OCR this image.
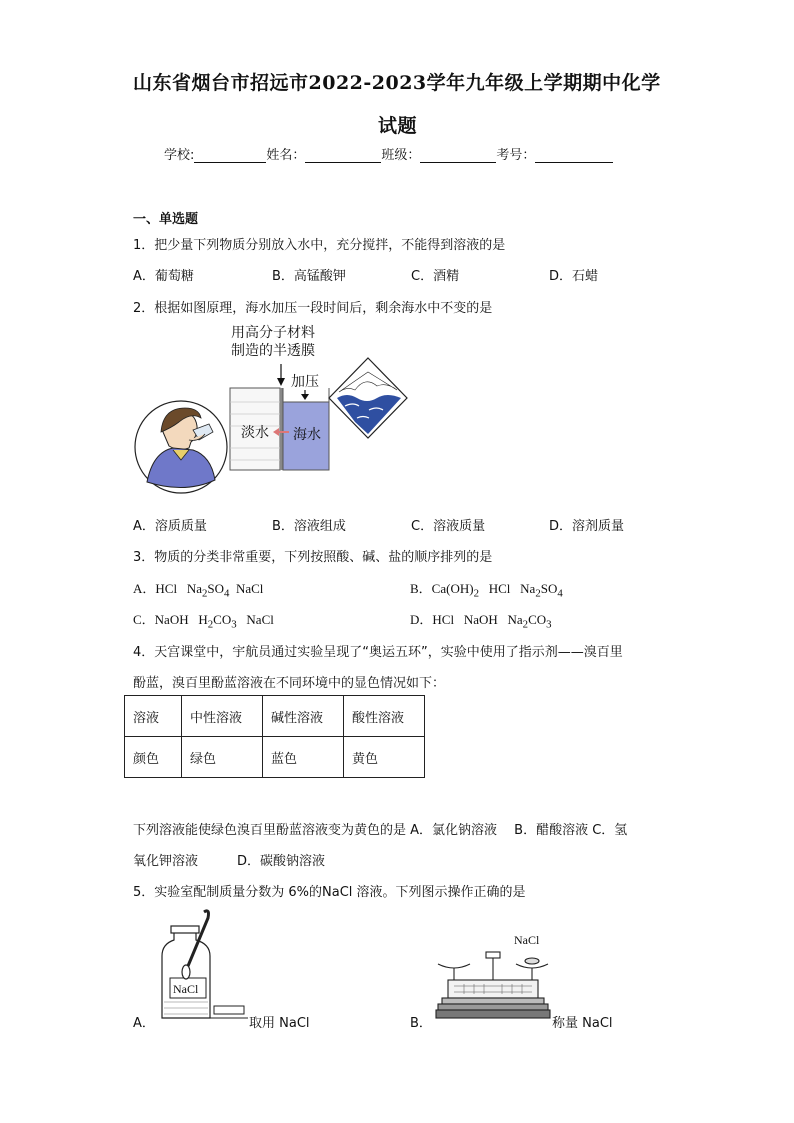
山东省烟台市招远市2022-2023学年九年级上学期期中化学
试题
学校:	姓名：	班级：	考号：
一、单选题
1．把少量下列物质分别放入水中，充分搅拌，不能得到溶液的是
A．葡萄糖	B．高锰酸钾	C．酒精	D．石蜡
2．根据如图原理，海水加压一段时间后，剩余海水中不变的是
用高分子材料
制造的半透膜
加压
淡水 海水
A．溶质质量	B．溶液组成	C．溶液质量	D．溶剂质量
3．物质的分类非常重要，下列按照酸、碱、盐的顺序排列的是
A．HCl $Na_2SO_4$ NaCl	B．$Ca(OH)_2$ HCl $Na_2SO_4$
C．NaOH $H_2CO_3$ NaCl	D．HCl NaOH $Na_2CO_3$
4．天宫课堂中，宇航员通过实验呈现了“奥运五环”，实验中使用了指示剂——溴百里
酚蓝，溴百里酚蓝溶液在不同环境中的显色情况如下：
溶液	中性溶液	碱性溶液	酸性溶液
颜色	绿色	蓝色	黄色
下列溶液能使绿色溴百里酚蓝溶液变为黄色的是 A．氯化钠溶液　 B．醋酸溶液 C．氢
氧化钾溶液　　　D．碳酸钠溶液
5．实验室配制质量分数为 6%的NaCl 溶液。下列图示操作正确的是
A．
NaCl
取用 NaCl	B．
NaCl
称量 NaCl
